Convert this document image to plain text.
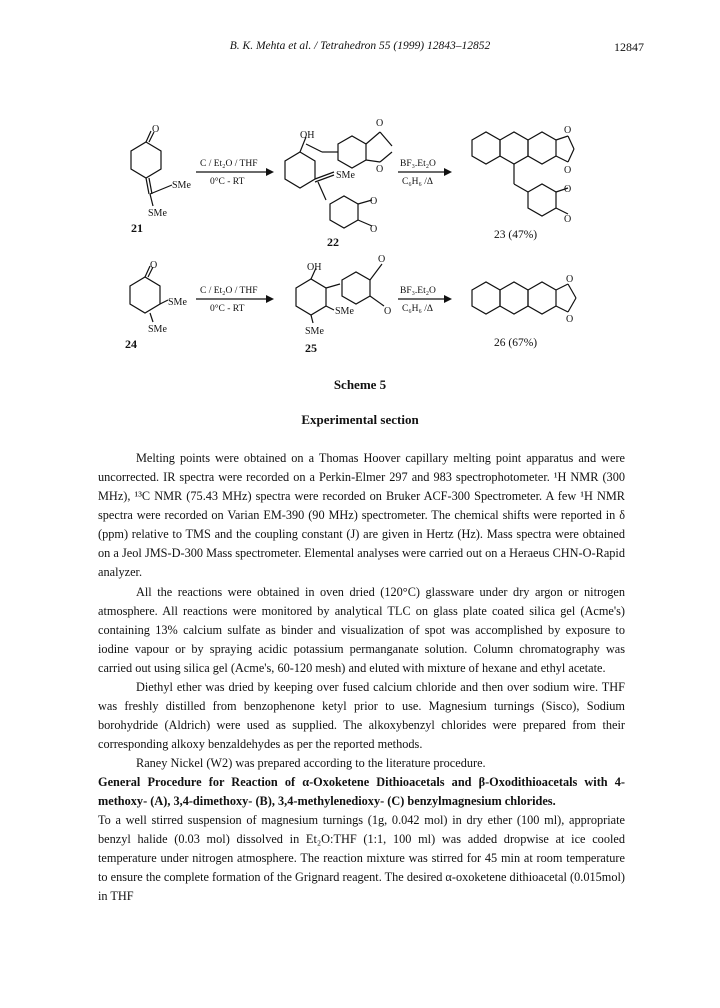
B. K. Mehta et al. / Tetrahedron 55 (1999) 12843–12852	12847
O
SMe
SMe
21
C / Et₂O / THF
0°C - RT
OH
O
O
SMe
O
O
22
BF₃.Et₂O
C₆H₆ /Δ
O
O
O
O
23 (47%)
O
SMe
SMe
24
C / Et₂O / THF
0°C - RT
OH
O
O
SMe
SMe
25
BF₃.Et₂O
C₆H₆ /Δ
O
O
26 (67%)
Scheme 5
Experimental section

Melting points were obtained on a Thomas Hoover capillary melting point apparatus and were uncorrected. IR spectra were recorded on a Perkin-Elmer 297 and 983 spectrophotometer. ¹H NMR (300 MHz), ¹³C NMR (75.43 MHz) spectra were recorded on Bruker ACF-300 Spectrometer. A few ¹H NMR spectra were recorded on Varian EM-390 (90 MHz) spectrometer. The chemical shifts were reported in δ (ppm) relative to TMS and the coupling constant (J) are given in Hertz (Hz). Mass spectra were obtained on a Jeol JMS-D-300 Mass spectrometer. Elemental analyses were carried out on a Heraeus CHN-O-Rapid analyzer.

All the reactions were obtained in oven dried (120°C) glassware under dry argon or nitrogen atmosphere. All reactions were monitored by analytical TLC on glass plate coated silica gel (Acme's) containing 13% calcium sulfate as binder and visualization of spot was accomplished by exposure to iodine vapour or by spraying acidic potassium permanganate solution. Column chromatography was carried out using silica gel (Acme's, 60-120 mesh) and eluted with mixture of hexane and ethyl acetate.

Diethyl ether was dried by keeping over fused calcium chloride and then over sodium wire. THF was freshly distilled from benzophenone ketyl prior to use. Magnesium turnings (Sisco), Sodium borohydride (Aldrich) were used as supplied. The alkoxybenzyl chlorides were prepared from their corresponding alkoxy benzaldehydes as per the reported methods.

Raney Nickel (W2) was prepared according to the literature procedure.

General Procedure for Reaction of α-Oxoketene Dithioacetals and β-Oxodithioacetals with 4-methoxy- (A), 3,4-dimethoxy- (B), 3,4-methylenedioxy- (C) benzylmagnesium chlorides.

To a well stirred suspension of magnesium turnings (1g, 0.042 mol) in dry ether (100 ml), appropriate benzyl halide (0.03 mol) dissolved in Et₂O:THF (1:1, 100 ml) was added dropwise at ice cooled temperature under nitrogen atmosphere. The reaction mixture was stirred for 45 min at room temperature to ensure the complete formation of the Grignard reagent. The desired α-oxoketene dithioacetal (0.015mol) in THF
